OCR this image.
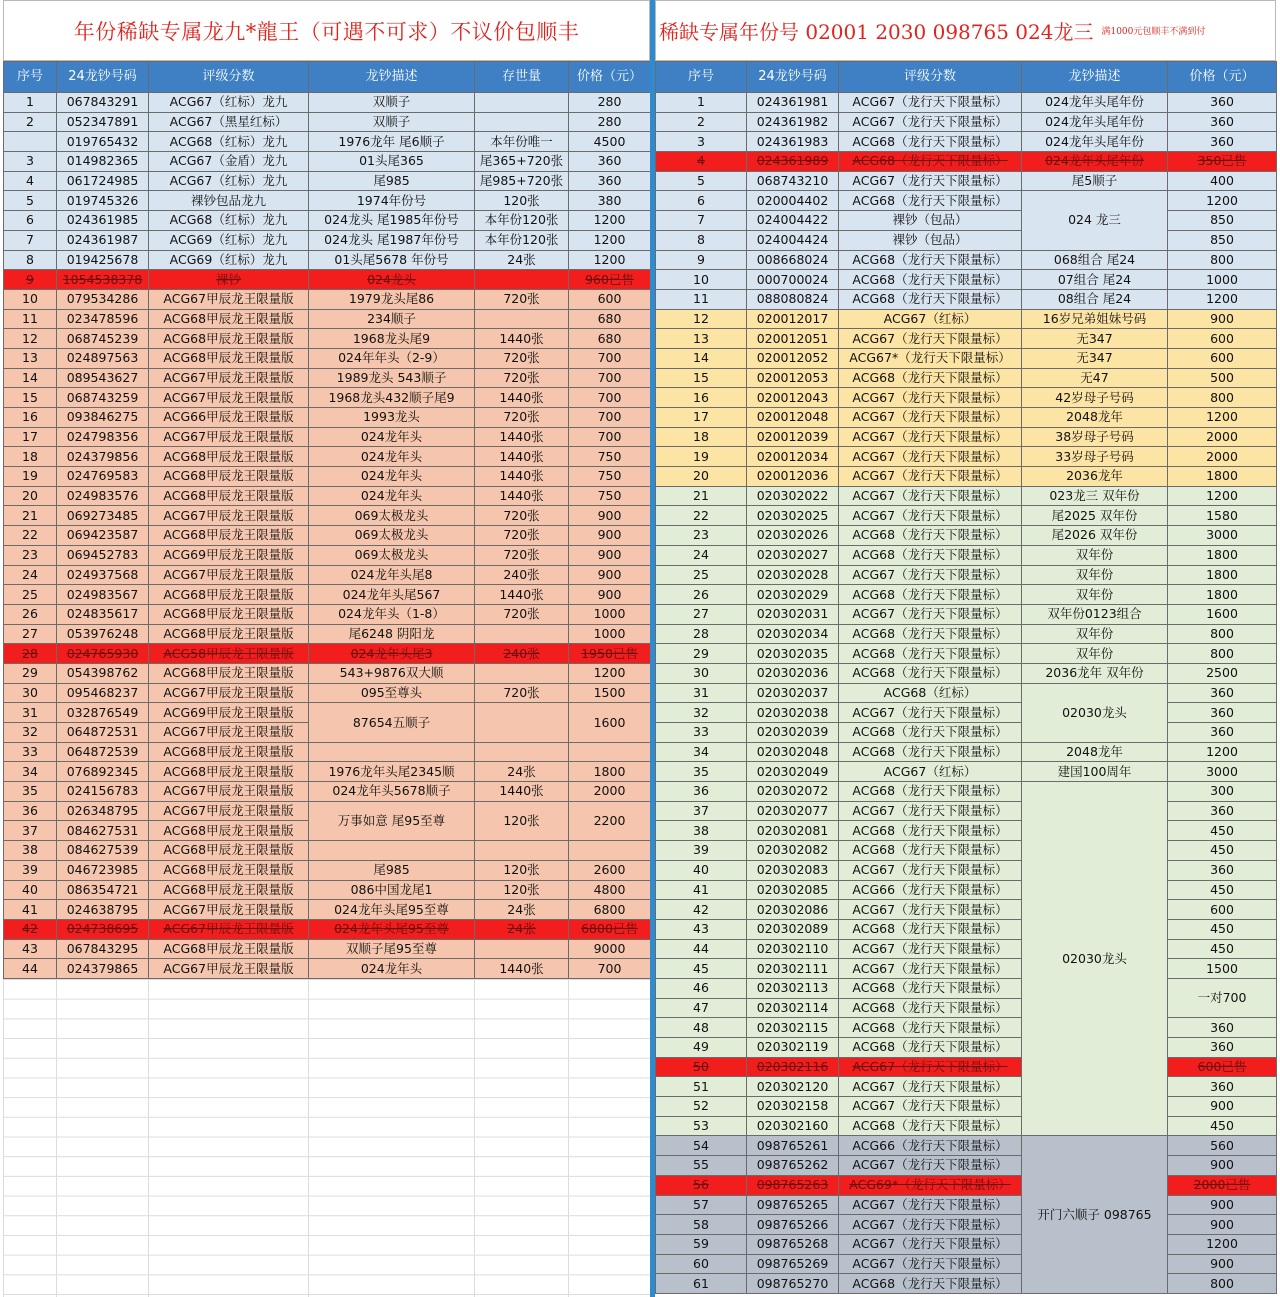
年份稀缺专属龙九*龍王（可遇不可求）不议价包顺丰
序号	24龙钞号码	评级分数	龙钞描述	存世量	价格（元）
1	067843291	ACG67（红标）龙九	双顺子		280
2	052347891	ACG67（黑星红标）	双顺子		280
	019765432	ACG68（红标）龙九	1976龙年 尾6顺子	本年份唯一	4500
3	014982365	ACG67（金盾）龙九	01头尾365	尾365+720张	360
4	061724985	ACG67（红标）龙九	尾985	尾985+720张	360
5	019745326	裸钞包品龙九	1974年份号	120张	380
6	024361985	ACG68（红标）龙九	024龙头 尾1985年份号	本年份120张	1200
7	024361987	ACG69（红标）龙九	024龙头 尾1987年份号	本年份120张	1200
8	019425678	ACG69（红标）龙九	01头尾5678 年份号	24张	1200
9	1054538378	裸钞	024龙头		960已售
10	079534286	ACG67甲辰龙王限量版	1979龙头尾86	720张	600
11	023478596	ACG68甲辰龙王限量版	234顺子		680
12	068745239	ACG68甲辰龙王限量版	1968龙头尾9	1440张	680
13	024897563	ACG68甲辰龙王限量版	024年年头（2-9）	720张	700
14	089543627	ACG67甲辰龙王限量版	1989龙头 543顺子	720张	700
15	068743259	ACG67甲辰龙王限量版	1968龙头432顺子尾9	1440张	700
16	093846275	ACG66甲辰龙王限量版	1993龙头	720张	700
17	024798356	ACG67甲辰龙王限量版	024龙年头	1440张	700
18	024379856	ACG68甲辰龙王限量版	024龙年头	1440张	750
19	024769583	ACG68甲辰龙王限量版	024龙年头	1440张	750
20	024983576	ACG68甲辰龙王限量版	024龙年头	1440张	750
21	069273485	ACG67甲辰龙王限量版	069太极龙头	720张	900
22	069423587	ACG68甲辰龙王限量版	069太极龙头	720张	900
23	069452783	ACG69甲辰龙王限量版	069太极龙头	720张	900
24	024937568	ACG67甲辰龙王限量版	024龙年头尾8	240张	900
25	024983567	ACG68甲辰龙王限量版	024龙年头尾567	1440张	900
26	024835617	ACG68甲辰龙王限量版	024龙年头（1-8）	720张	1000
27	053976248	ACG68甲辰龙王限量版	尾6248 阴阳龙		1000
28	024765930	ACG58甲辰龙王限量版	024龙年头尾3	240张	1950已售
29	054398762	ACG68甲辰龙王限量版	543+9876双大顺		1200
30	095468237	ACG67甲辰龙王限量版	095至尊头	720张	1500
31	032876549	ACG69甲辰龙王限量版	87654五顺子		1600
32	064872531	ACG67甲辰龙王限量版			
33	064872539	ACG68甲辰龙王限量版			
34	076892345	ACG68甲辰龙王限量版	1976龙年头尾2345顺	24张	1800
35	024156783	ACG67甲辰龙王限量版	024龙年头5678顺子	1440张	2000
36	026348795	ACG67甲辰龙王限量版	万事如意 尾95至尊	120张	2200
37	084627531	ACG68甲辰龙王限量版			
38	084627539	ACG68甲辰龙王限量版			
39	046723985	ACG68甲辰龙王限量版	尾985	120张	2600
40	086354721	ACG68甲辰龙王限量版	086中国龙尾1	120张	4800
41	024638795	ACG67甲辰龙王限量版	024龙年头尾95至尊	24张	6800
42	024738695	ACG67甲辰龙王限量版	024龙年头尾95至尊	24张	6800已售
43	067843295	ACG68甲辰龙王限量版	双顺子尾95至尊		9000
44	024379865	ACG67甲辰龙王限量版	024龙年头	1440张	700
稀缺专属年份号 02001 2030 098765 024龙三 满1000元包顺丰不满到付
序号	24龙钞号码	评级分数	龙钞描述	价格（元）
1	024361981	ACG67（龙行天下限量标）	024龙年头尾年份	360
2	024361982	ACG67（龙行天下限量标）	024龙年头尾年份	360
3	024361983	ACG68（龙行天下限量标）	024龙年头尾年份	360
4	024361989	ACG68（龙行天下限量标）	024龙年头尾年份	350已售
5	068743210	ACG67（龙行天下限量标）	尾5顺子	400
6	020004402	ACG68（龙行天下限量标）	024 龙三	1200
7	024004422	裸钞（包品）		850
8	024004424	裸钞（包品）		850
9	008668024	ACG68（龙行天下限量标）	068组合 尾24	800
10	000700024	ACG68（龙行天下限量标）	07组合 尾24	1000
11	088080824	ACG68（龙行天下限量标）	08组合 尾24	1200
12	020012017	ACG67（红标）	16岁兄弟姐妹号码	900
13	020012051	ACG67（龙行天下限量标）	无347	600
14	020012052	ACG67*（龙行天下限量标）	无347	600
15	020012053	ACG68（龙行天下限量标）	无47	500
16	020012043	ACG67（龙行天下限量标）	42岁母子号码	800
17	020012048	ACG67（龙行天下限量标）	2048龙年	1200
18	020012039	ACG67（龙行天下限量标）	38岁母子号码	2000
19	020012034	ACG67（龙行天下限量标）	33岁母子号码	2000
20	020012036	ACG67（龙行天下限量标）	2036龙年	1800
21	020302022	ACG67（龙行天下限量标）	023龙三 双年份	1200
22	020302025	ACG67（龙行天下限量标）	尾2025 双年份	1580
23	020302026	ACG68（龙行天下限量标）	尾2026 双年份	3000
24	020302027	ACG68（龙行天下限量标）	双年份	1800
25	020302028	ACG67（龙行天下限量标）	双年份	1800
26	020302029	ACG68（龙行天下限量标）	双年份	1800
27	020302031	ACG67（龙行天下限量标）	双年份0123组合	1600
28	020302034	ACG68（龙行天下限量标）	双年份	800
29	020302035	ACG68（龙行天下限量标）	双年份	800
30	020302036	ACG68（龙行天下限量标）	2036龙年 双年份	2500
31	020302037	ACG68（红标）	02030龙头	360
32	020302038	ACG67（龙行天下限量标）		360
33	020302039	ACG68（龙行天下限量标）		360
34	020302048	ACG68（龙行天下限量标）	2048龙年	1200
35	020302049	ACG67（红标）	建国100周年	3000
36	020302072	ACG68（龙行天下限量标）	02030龙头	300
37	020302077	ACG67（龙行天下限量标）		360
38	020302081	ACG68（龙行天下限量标）		450
39	020302082	ACG68（龙行天下限量标）		450
40	020302083	ACG67（龙行天下限量标）		360
41	020302085	ACG66（龙行天下限量标）		450
42	020302086	ACG67（龙行天下限量标）		600
43	020302089	ACG68（龙行天下限量标）		450
44	020302110	ACG67（龙行天下限量标）		450
45	020302111	ACG67（龙行天下限量标）		1500
46	020302113	ACG68（龙行天下限量标）		一对700
47	020302114	ACG68（龙行天下限量标）		
48	020302115	ACG68（龙行天下限量标）		360
49	020302119	ACG68（龙行天下限量标）		360
50	020302116	ACG67（龙行天下限量标）		600已售
51	020302120	ACG67（龙行天下限量标）		360
52	020302158	ACG67（龙行天下限量标）		900
53	020302160	ACG68（龙行天下限量标）		450
54	098765261	ACG66（龙行天下限量标）	开门六顺子 098765	560
55	098765262	ACG67（龙行天下限量标）		900
56	098765263	ACG69*（龙行天下限量标）		2000已售
57	098765265	ACG67（龙行天下限量标）		900
58	098765266	ACG67（龙行天下限量标）		900
59	098765268	ACG67（龙行天下限量标）		1200
60	098765269	ACG67（龙行天下限量标）		900
61	098765270	ACG68（龙行天下限量标）		800
